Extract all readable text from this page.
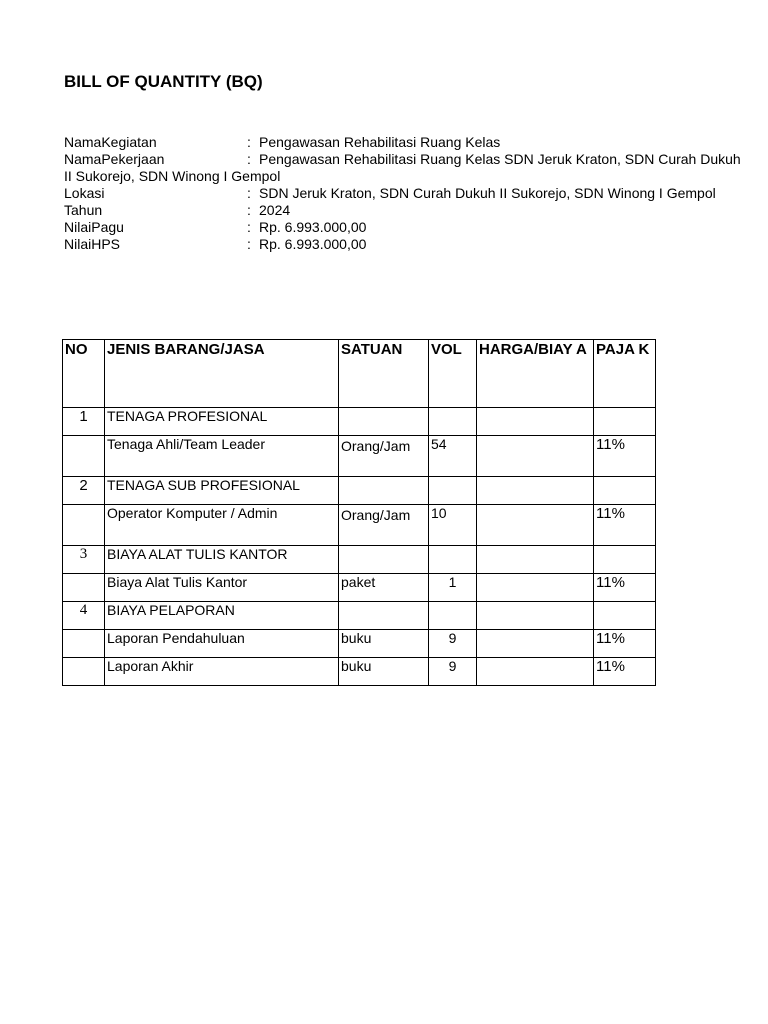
BILL OF QUANTITY (BQ)
NamaKegiatan	: Pengawasan Rehabilitasi Ruang Kelas
NamaPekerjaan	: Pengawasan Rehabilitasi Ruang Kelas SDN Jeruk Kraton, SDN Curah Dukuh
II Sukorejo, SDN Winong I Gempol
Lokasi	: SDN Jeruk Kraton, SDN Curah Dukuh II Sukorejo, SDN Winong I Gempol
Tahun	: 2024
NilaiPagu	: Rp. 6.993.000,00
NilaiHPS	: Rp. 6.993.000,00
NO	JENIS BARANG/JASA	SATUAN	VOL	HARGA/BIAY A	PAJA K
1	TENAGA PROFESIONAL				
	Tenaga Ahli/Team Leader	Orang/Jam	54		11%
2	TENAGA SUB PROFESIONAL				
	Operator Komputer / Admin	Orang/Jam	10		11%
3	BIAYA ALAT TULIS KANTOR				
	Biaya Alat Tulis Kantor	paket	1		11%
4	BIAYA PELAPORAN				
	Laporan Pendahuluan	buku	9		11%
	Laporan Akhir	buku	9		11%
